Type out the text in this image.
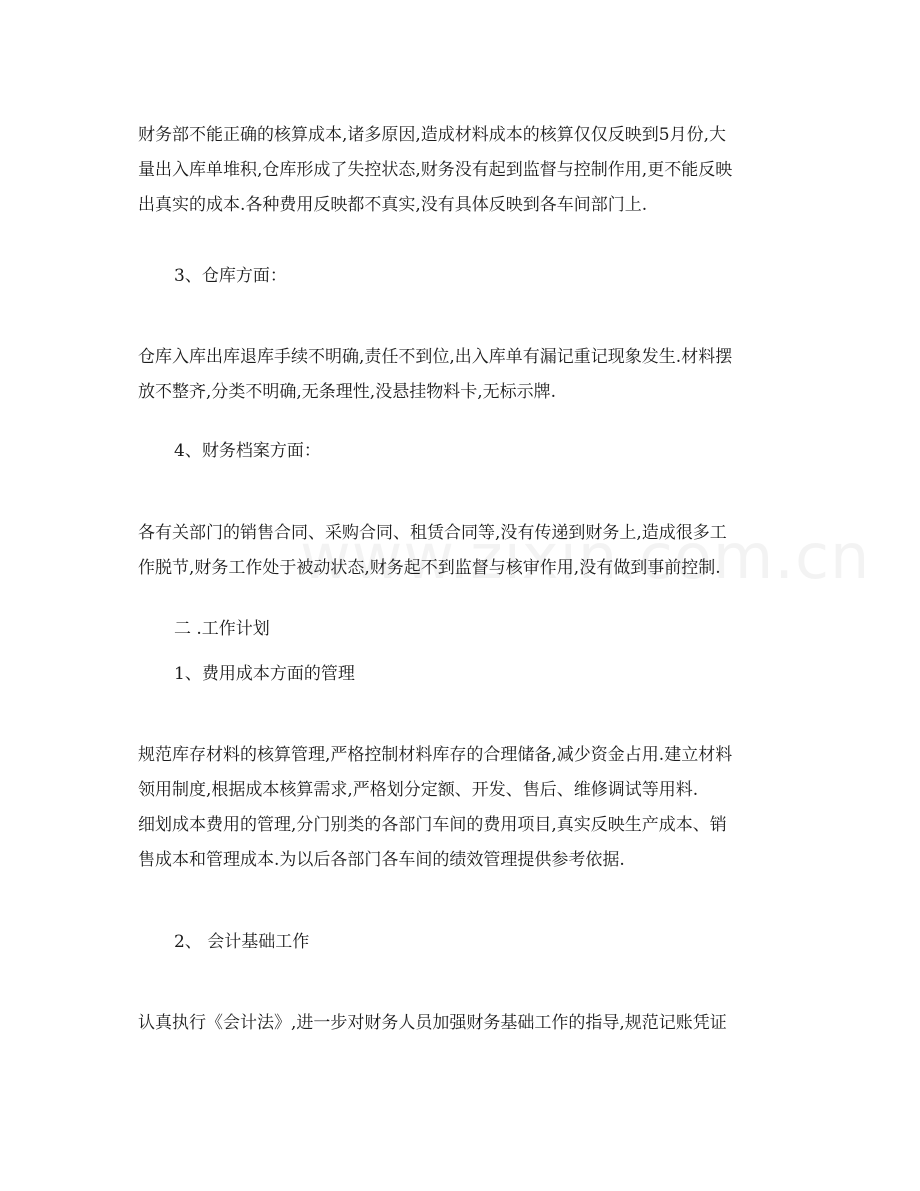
财务部不能正确的核算成本,诸多原因,造成材料成本的核算仅仅反映到5月份,大
量出入库单堆积,仓库形成了失控状态,财务没有起到监督与控制作用,更不能反映
出真实的成本.各种费用反映都不真实,没有具体反映到各车间部门上.
3、仓库方面：
仓库入库出库退库手续不明确,责任不到位,出入库单有漏记重记现象发生.材料摆
放不整齐,分类不明确,无条理性,没悬挂物料卡,无标示牌.
4、财务档案方面：
各有关部门的销售合同、采购合同、租赁合同等,没有传递到财务上,造成很多工
作脱节,财务工作处于被动状态,财务起不到监督与核审作用,没有做到事前控制.
二 .工作计划
1、费用成本方面的管理
规范库存材料的核算管理,严格控制材料库存的合理储备,减少资金占用.建立材料
领用制度,根据成本核算需求,严格划分定额、开发、售后、维修调试等用料.
细划成本费用的管理,分门别类的各部门车间的费用项目,真实反映生产成本、销
售成本和管理成本.为以后各部门各车间的绩效管理提供参考依据.
2、 会计基础工作
认真执行《会计法》,进一步对财务人员加强财务基础工作的指导,规范记账凭证
